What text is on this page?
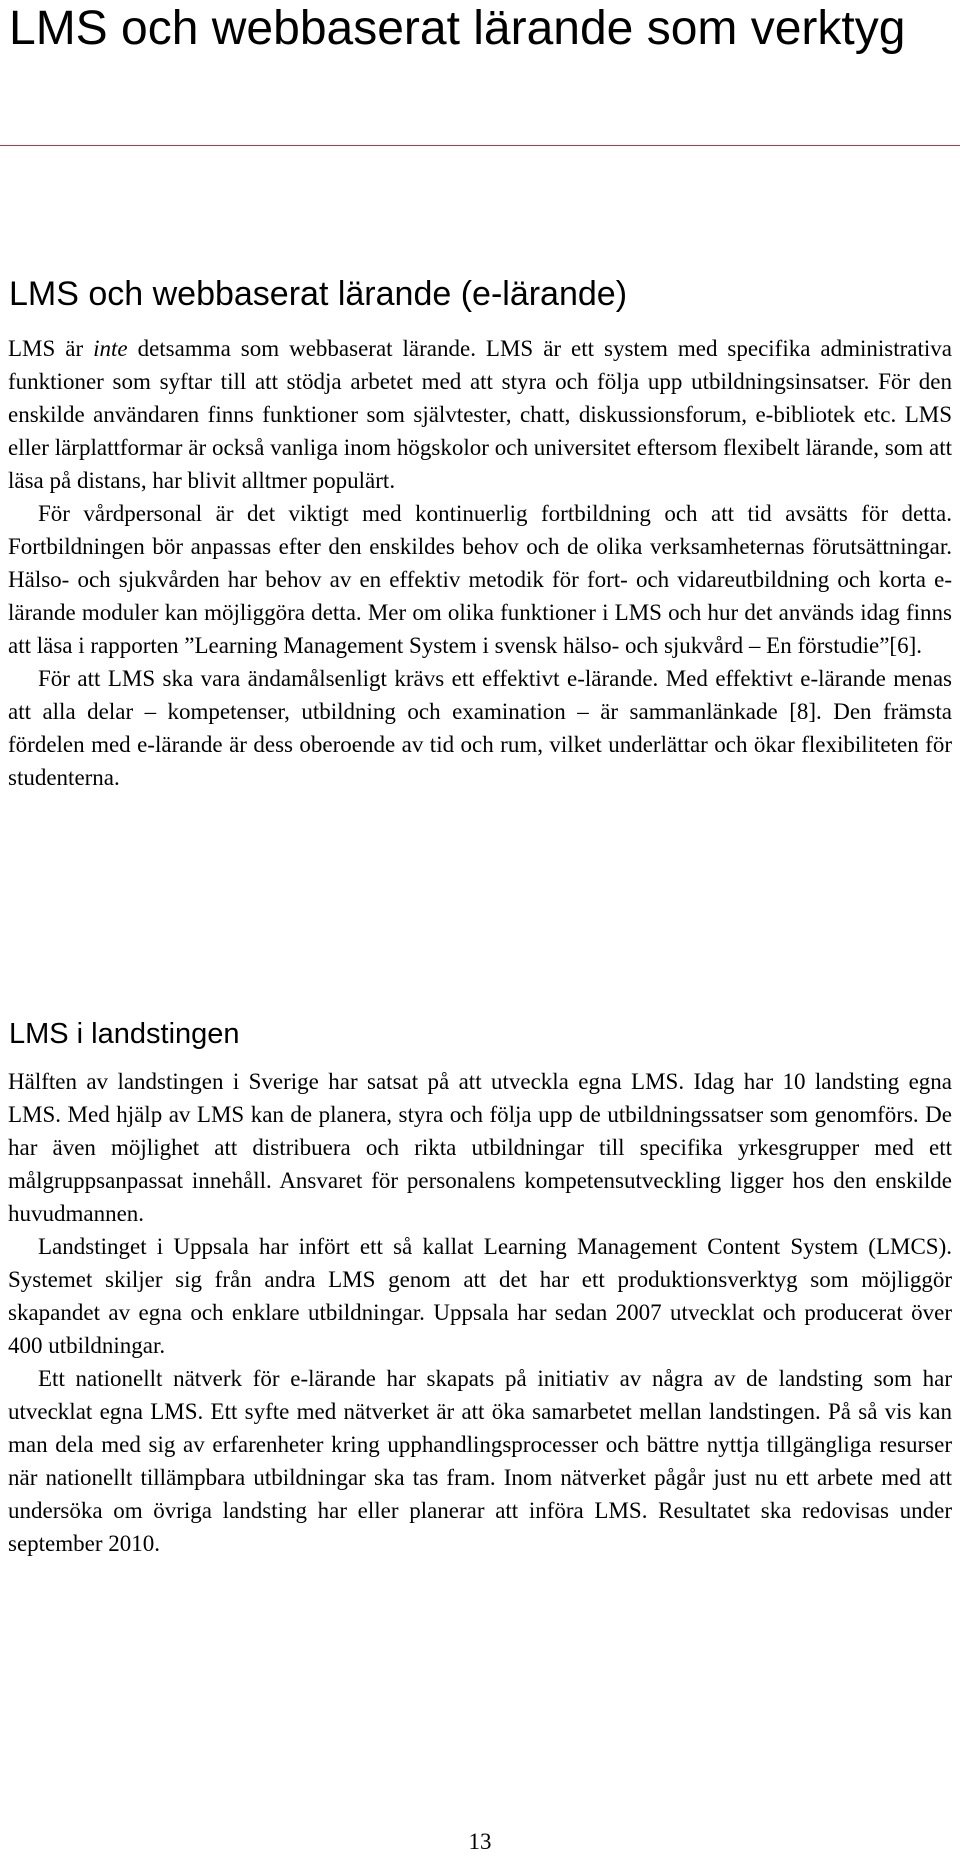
LMS och webbaserat lärande som verktyg
LMS och webbaserat lärande (e-lärande)

LMS är inte detsamma som webbaserat lärande. LMS är ett system med specifika administrativa funktioner som syftar till att stödja arbetet med att styra och följa upp utbildningsinsatser. För den enskilde användaren finns funktioner som självtester, chatt, diskussionsforum, e-bibliotek etc. LMS eller lärplattformar är också vanliga inom högskolor och universitet eftersom flexibelt lärande, som att läsa på distans, har blivit alltmer populärt.

För vårdpersonal är det viktigt med kontinuerlig fortbildning och att tid avsätts för detta. Fortbildningen bör anpassas efter den enskildes behov och de olika verksamheternas förutsättningar. Hälso- och sjukvården har behov av en effektiv metodik för fort- och vidareutbildning och korta e-lärande moduler kan möjliggöra detta. Mer om olika funktioner i LMS och hur det används idag finns att läsa i rapporten ”Learning Management System i svensk hälso- och sjukvård – En förstudie”[6].

För att LMS ska vara ändamålsenligt krävs ett effektivt e-lärande. Med effektivt e-lärande menas att alla delar – kompetenser, utbildning och examination – är sammanlänkade [8]. Den främsta fördelen med e-lärande är dess oberoende av tid och rum, vilket underlättar och ökar flexibiliteten för studenterna.

LMS i landstingen

Hälften av landstingen i Sverige har satsat på att utveckla egna LMS. Idag har 10 landsting egna LMS. Med hjälp av LMS kan de planera, styra och följa upp de utbildningssatser som genomförs. De har även möjlighet att distribuera och rikta utbildningar till specifika yrkesgrupper med ett målgruppsanpassat innehåll. Ansvaret för personalens kompetensutveckling ligger hos den enskilde huvudmannen.

Landstinget i Uppsala har infört ett så kallat Learning Management Content System (LMCS). Systemet skiljer sig från andra LMS genom att det har ett produktionsverktyg som möjliggör skapandet av egna och enklare utbildningar. Uppsala har sedan 2007 utvecklat och producerat över 400 utbildningar.

Ett nationellt nätverk för e-lärande har skapats på initiativ av några av de landsting som har utvecklat egna LMS. Ett syfte med nätverket är att öka samarbetet mellan landstingen. På så vis kan man dela med sig av erfarenheter kring upphandlingsprocesser och bättre nyttja tillgängliga resurser när nationellt tillämpbara utbildningar ska tas fram. Inom nätverket pågår just nu ett arbete med att undersöka om övriga landsting har eller planerar att införa LMS. Resultatet ska redovisas under september 2010.

13
